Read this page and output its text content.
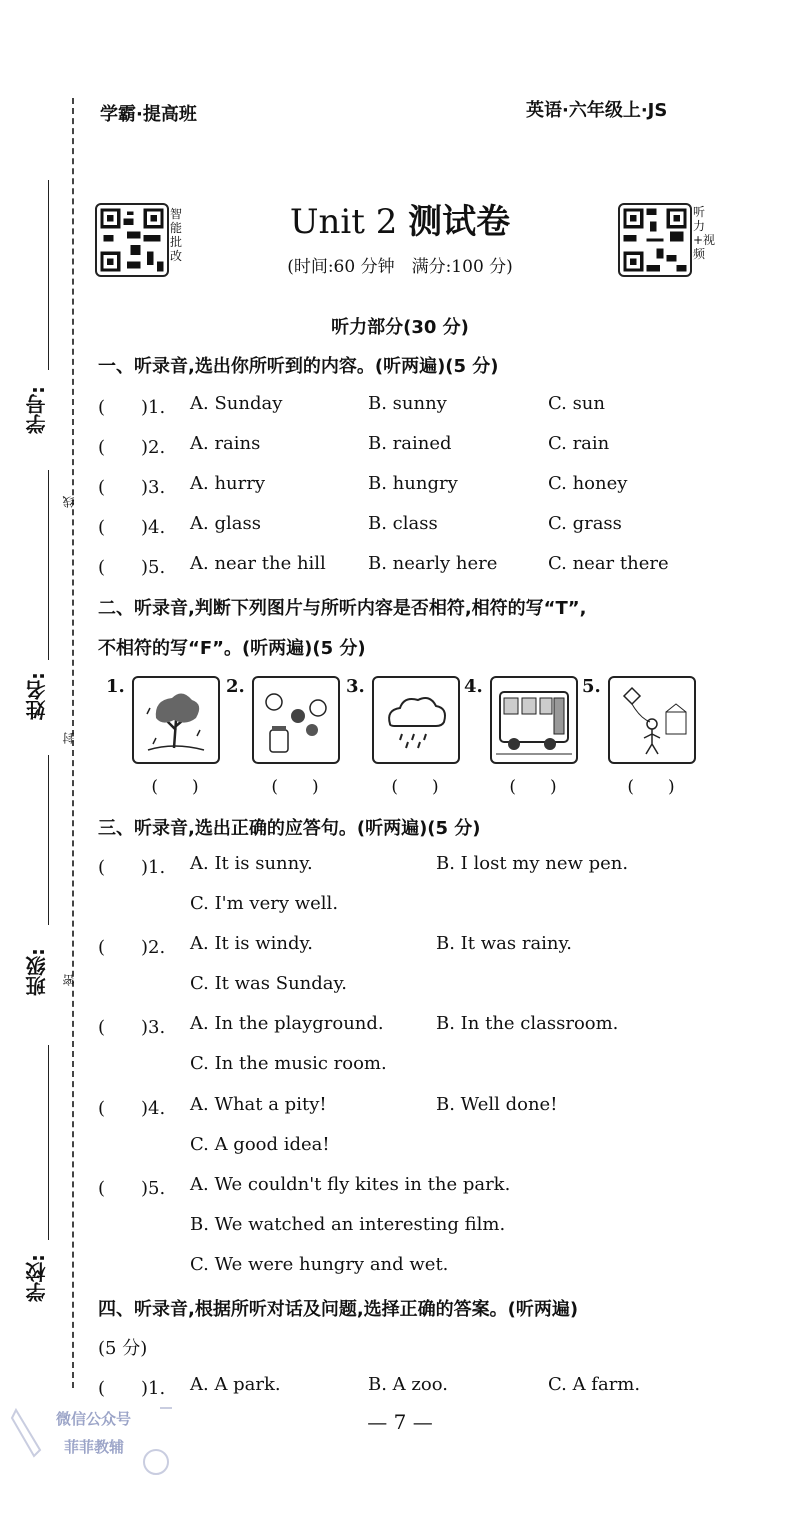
学霸·提高班	英语·六年级上·JS
学号:
姓名:
班级:
学校:
线
封
密
智能批改
听力+视频
Unit 2 测试卷
(时间:60 分钟　满分:100 分)
听力部分(30 分)
一、听录音,选出你所听到的内容。(听两遍)(5 分)
(　　)1. A. Sunday	B. sunny	C. sun
(　　)2. A. rains	B. rained	C. rain
(　　)3. A. hurry	B. hungry	C. honey
(　　)4. A. glass	B. class	C. grass
(　　)5. A. near the hill B. nearly here	C. near there
二、听录音,判断下列图片与所听内容是否相符,相符的写“T”,
不相符的写“F”。(听两遍)(5 分)
1.	2.	3.	4.	5.
(　　)	(　　)	(　　)	(　　)	(　　)
三、听录音,选出正确的应答句。(听两遍)(5 分)
(　　)1. A. It is sunny.	B. I lost my new pen.
C. I'm very well.
(　　)2. A. It is windy.	B. It was rainy.
C. It was Sunday.
(　　)3. A. In the playground.	B. In the classroom.
C. In the music room.
(　　)4. A. What a pity!	B. Well done!
C. A good idea!
(　　)5. A. We couldn't fly kites in the park.
B. We watched an interesting film.
C. We were hungry and wet.
四、听录音,根据所听对话及问题,选择正确的答案。(听两遍)
(5 分)
(　　)1. A. A park.	B. A zoo.	C. A farm.
— 7 —
微信公众号
菲菲教辅
